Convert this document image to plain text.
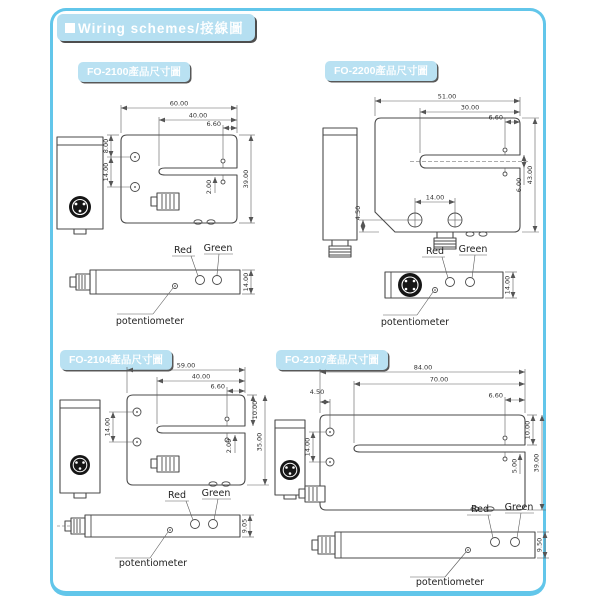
Wiring schemes/接線圖
FO-2100產品尺寸圖	FO-2200產品尺寸圖
FO-2104產品尺寸圖	FO-2107產品尺寸圖
60.00
40.00
6.60
8.00
14.00
2.00	39.00
Red Green
potentiometer
14.00
51.00
30.00
6.60
43.00
6.00
14.00
4.50
Red Green
potentiometer
14.00
59.00
40.00
6.60
10.00
2.00	35.00
14.00
Red Green
potentiometer
9.05
84.00
70.00
6.60
4.50
14.00
10.00
5.00 39.00
Red Green
potentiometer
9.50
